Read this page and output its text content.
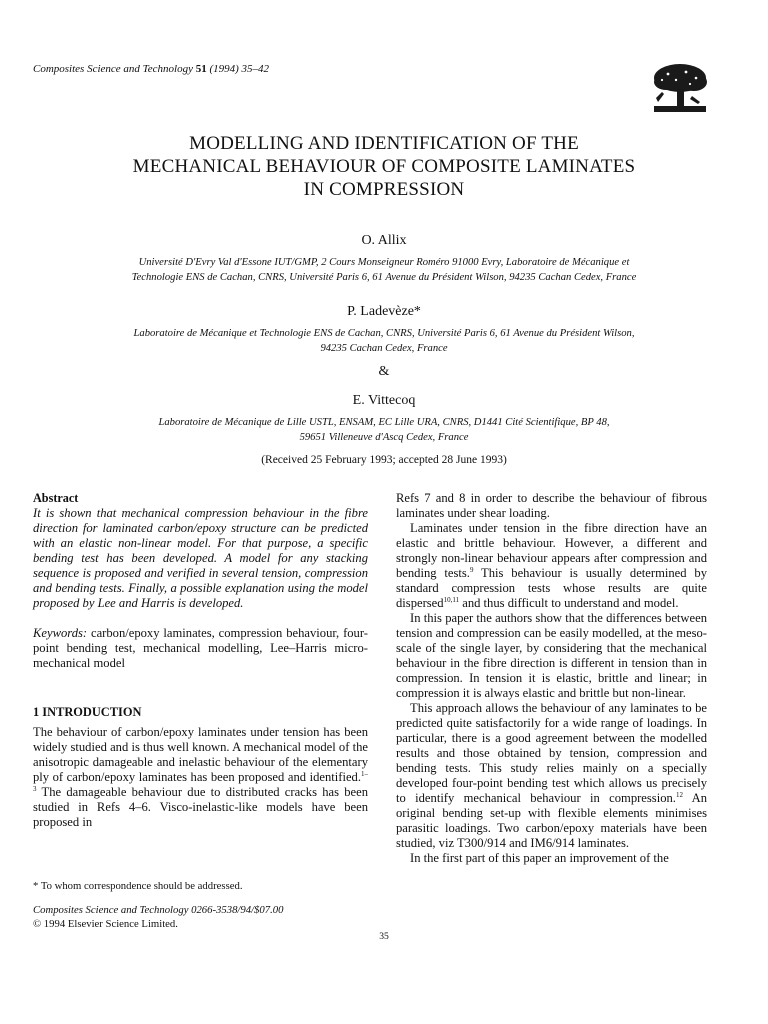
Composites Science and Technology 51 (1994) 35–42
MODELLING AND IDENTIFICATION OF THE
MECHANICAL BEHAVIOUR OF COMPOSITE LAMINATES
IN COMPRESSION
O. Allix
Université D'Evry Val d'Essone IUT/GMP, 2 Cours Monseigneur Roméro 91000 Evry, Laboratoire de Mécanique et
Technologie ENS de Cachan, CNRS, Université Paris 6, 61 Avenue du Président Wilson, 94235 Cachan Cedex, France
P. Ladevèze*
Laboratoire de Mécanique et Technologie ENS de Cachan, CNRS, Université Paris 6, 61 Avenue du Président Wilson,
94235 Cachan Cedex, France
&
E. Vittecoq
Laboratoire de Mécanique de Lille USTL, ENSAM, EC Lille URA, CNRS, D1441 Cité Scientifique, BP 48,
59651 Villeneuve d'Ascq Cedex, France
(Received 25 February 1993; accepted 28 June 1993)

Abstract

It is shown that mechanical compression behaviour in the fibre direction for laminated carbon/epoxy structure can be predicted with an elastic non-linear model. For that purpose, a specific bending test has been developed. A model for any stacking sequence is proposed and verified in several tension, compression and bending tests. Finally, a possible explanation using the model proposed by Lee and Harris is developed.

Keywords: carbon/epoxy laminates, compression behaviour, four-point bending test, mechanical modelling, Lee–Harris micro-mechanical model

1 INTRODUCTION

The behaviour of carbon/epoxy laminates under tension has been widely studied and is thus well known. A mechanical model of the anisotropic damageable and inelastic behaviour of the elementary ply of carbon/epoxy laminates has been proposed and identified.$^{1-3}$ The damageable behaviour due to distributed cracks has been studied in Refs 4–6. Visco-inelastic-like models have been proposed in

Refs 7 and 8 in order to describe the behaviour of fibrous laminates under shear loading.

Laminates under tension in the fibre direction have an elastic and brittle behaviour. However, a different and strongly non-linear behaviour appears after compression and bending tests.$^9$ This behaviour is usually determined by standard compression tests whose results are quite dispersed$^{10,11}$ and thus difficult to understand and model.

In this paper the authors show that the differences between tension and compression can be easily modelled, at the meso-scale of the single layer, by considering that the mechanical behaviour in the fibre direction is different in tension than in compression. In tension it is elastic, brittle and linear; in compression it is always elastic and brittle but non-linear.

This approach allows the behaviour of any laminates to be predicted quite satisfactorily for a wide range of loadings. In particular, there is a good agreement between the modelled results and those obtained by tension, compression and bending tests. This study relies mainly on a specially developed four-point bending test which allows us precisely to identify mechanical behaviour in compression.$^{12}$ An original bending set-up with flexible elements minimises parasitic loadings. Two carbon/epoxy materials have been studied, viz T300/914 and IM6/914 laminates.

In the first part of this paper an improvement of the

* To whom correspondence should be addressed.
Composites Science and Technology 0266-3538/94/$07.00
© 1994 Elsevier Science Limited.
35
